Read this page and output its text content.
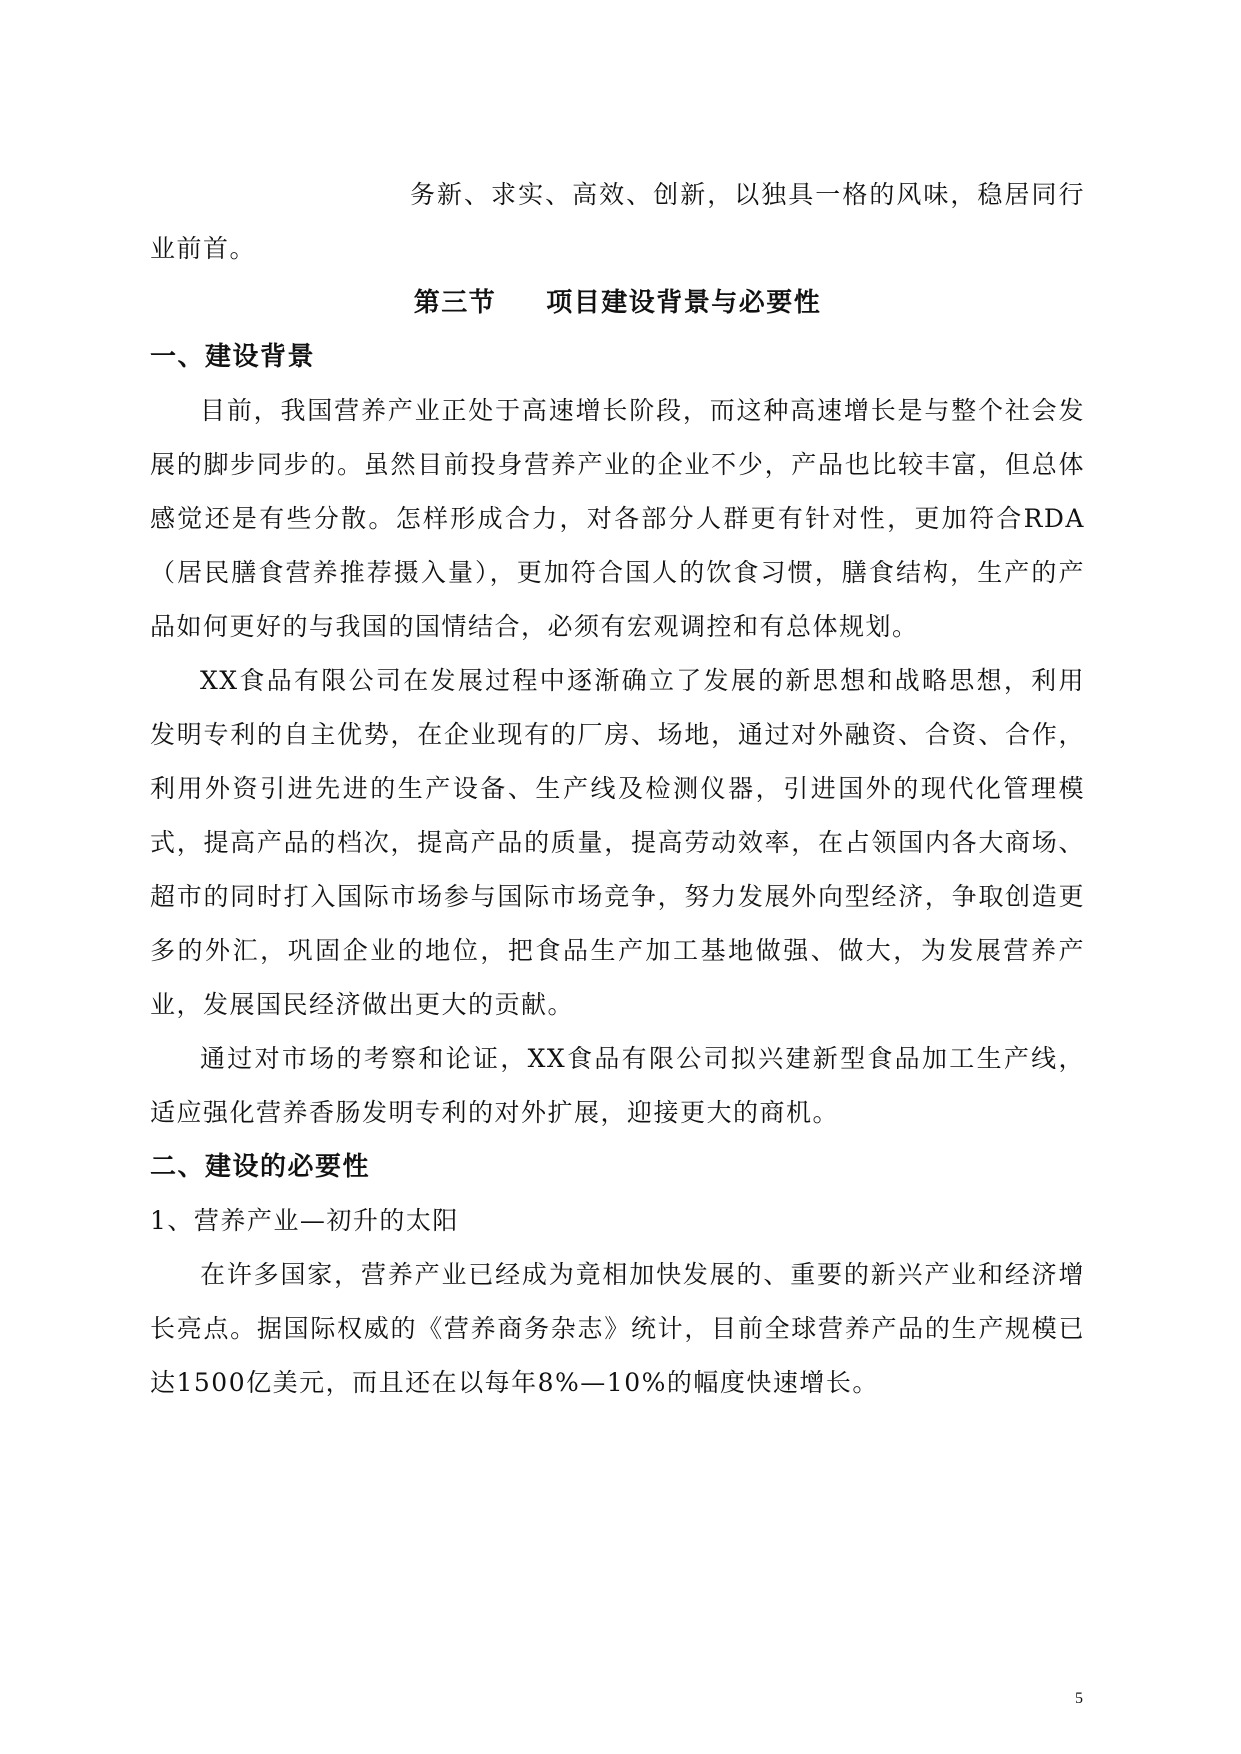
务新、求实、高效、创新，以独具一格的风味，稳居同行业前首。

第三节 项目建设背景与必要性
一、建设背景

目前，我国营养产业正处于高速增长阶段，而这种高速增长是与整个社会发展的脚步同步的。虽然目前投身营养产业的企业不少，产品也比较丰富，但总体感觉还是有些分散。怎样形成合力，对各部分人群更有针对性，更加符合RDA（居民膳食营养推荐摄入量），更加符合国人的饮食习惯，膳食结构，生产的产品如何更好的与我国的国情结合，必须有宏观调控和有总体规划。

XX食品有限公司在发展过程中逐渐确立了发展的新思想和战略思想，利用发明专利的自主优势，在企业现有的厂房、场地，通过对外融资、合资、合作，利用外资引进先进的生产设备、生产线及检测仪器，引进国外的现代化管理模式，提高产品的档次，提高产品的质量，提高劳动效率，在占领国内各大商场、超市的同时打入国际市场参与国际市场竞争，努力发展外向型经济，争取创造更多的外汇，巩固企业的地位，把食品生产加工基地做强、做大，为发展营养产业，发展国民经济做出更大的贡献。

通过对市场的考察和论证，XX食品有限公司拟兴建新型食品加工生产线，适应强化营养香肠发明专利的对外扩展，迎接更大的商机。

二、建设的必要性

1、营养产业—初升的太阳

在许多国家，营养产业已经成为竟相加快发展的、重要的新兴产业和经济增长亮点。据国际权威的《营养商务杂志》统计，目前全球营养产品的生产规模已达1500亿美元，而且还在以每年8%—10%的幅度快速增长。

5
